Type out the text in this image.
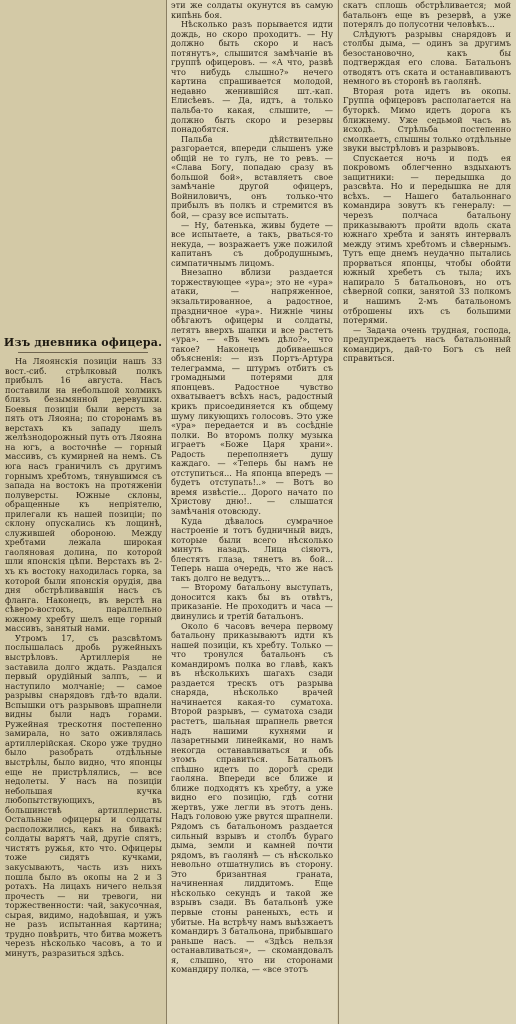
Изъ дневника офицера.

На Ляоянскія позиціи нашъ 33 вост.-сиб. стрѣлковый полкъ прибылъ 16 августа. Насъ поставили на небольшой холмикъ близъ безымянной деревушки. Боевыя позиціи были верстъ за пять отъ Ляояна; по сторонамъ въ верстахъ къ западу шелъ желѣзнодорожный путь отъ Ляояна на югъ, а восточнѣе — горный массивъ, съ кумирней на немъ. Съ юга насъ граничилъ съ другимъ горнымъ хребтомъ, тянувшимся съ запада на востокъ на протяженіи полуверсты. Южные склоны, обращенные къ непріятелю, прилегали къ нашей позиціи; по склону опускались къ лощинѣ, служившей обороною. Между хребтами лежала широкая гаоляновая долина, по которой шли японскія цѣпи. Верстахъ въ 2-хъ къ востоку находилась горка, за которой были японскія орудія, два дня обстрѣливавшія насъ съ фланга. Наконецъ, въ верстѣ на сѣверо-востокъ, параллельно южному хребту шелъ еще горный массивъ, занятый нами.

Утромъ 17, съ разсвѣтомъ послышалась дробь ружейныхъ выстрѣловъ. Артиллерія не заставила долго ждать. Раздался первый орудійный залпъ, — и наступило молчаніе; — самое разрывы снарядовъ гдѣ-то вдали. Вспышки отъ разрывовъ шрапнели видны были надъ горами. Ружейная трескотня постепенно замирала, но зато оживлялась артиллерійская. Скоро уже трудно было разобрать отдѣльные выстрѣлы, было видно, что японцы еще не пристрѣлялись, — все недолеты. У насъ на позиціи небольшая кучка любопытствующихъ, въ большинствѣ артиллеристы. Остальные офицеры и солдаты расположились, какъ на бивакѣ: солдаты варятъ чай, другіе спятъ, чистятъ ружья, кто что. Офицеры тоже сидятъ кучками, закусываютъ, часть изъ нихъ пошла было въ окопы на 2 и 3 ротахъ. На лицахъ ничего нельзя прочесть — ни тревоги, ни торжественности: чай, закусочная, сырая, видимо, надоѣвшая, и ужъ не разъ испытанная картина; трудно повѣрить, что битва можетъ черезъ нѣсколько часовъ, а то и минутъ, разразиться здѣсь.

эти же солдаты окунутся въ самую кипѣнь боя.

Нѣсколько разъ порывается идти дождь, но скоро проходитъ. — Ну должно быть скоро и насъ потянутъ», слышится замѣчаніе въ группѣ офицеровъ. — «А что, развѣ что нибудь слышно?» нечего картина спрашивается молодой, недавно женившійся шт.-кап. Елисѣевъ. — Да, идтъ, а только пальба-то какая, слышите, — должно быть скоро и резервы понадобятся.

Пальба дѣйствительно разгорается, впереди слышенъ уже общій не то гулъ, не то ревъ. — «Слава Богу, попадаю сразу въ большой бой», вставляетъ свое замѣчаніе другой офицеръ, Войниловичъ, онъ только-что прибылъ въ полкъ и стремится въ бой, — сразу все испытать.

— Ну, батенька, живы будете — все испытаете, а такъ, рваться-то некуда, — возражаетъ уже пожилой капитанъ съ добродушнымъ, симпатичнымъ лицомъ.

Внезапно вблизи раздается торжествующее «ура»; это не «ура» атаки, — напряженное, экзальтированное, а радостное, праздничное «ура». Нижніе чины обѣгаютъ офицеры и солдаты, летятъ вверхъ шапки и все растетъ «ура». — «Въ чемъ дѣло?», что такое? Наконецъ добиваешься объясненія: — изъ Портъ-Артура телеграмма, — штурмъ отбитъ съ громадными потерями для японцевъ. Радостное чувство охватываетъ всѣхъ насъ, радостный крикъ присоединяется къ общему шуму ликующихъ голосовъ. Это уже «ура» передается и въ сосѣдніе полки. Во второмъ полку музыка играетъ «Боже Царя храни». Радость переполняетъ душу каждаго. — «Теперь бы намъ не отступиться... На японца впередъ — будетъ отступать!..» — Вотъ во время извѣстіе... Дорого начато по Христову дню!.. — слышатся замѣчанія отовсюду.

Куда дѣвалось сумрачное настроеніе и тотъ будничный видъ, которые были всего нѣсколько минутъ назадъ. Лица сіяютъ, блестятъ глаза, тянетъ въ бой... Теперь наша очередь, что же насъ такъ долго не ведутъ...

— Второму батальону выступать, доносится какъ бы въ отвѣтъ, приказаніе. Не проходитъ и часа — двинулись и третій батальонъ.

Около 6 часовъ вечера первому батальону приказываютъ идти къ нашей позиціи, къ хребту. Только — что тронулся батальонъ съ командиромъ полка во главѣ, какъ въ нѣсколькихъ шагахъ сзади раздается трескъ отъ разрыва снаряда, нѣсколько врачей начинается какая-то суматоха. Второй разрывъ, — суматоха сзади растетъ, шальная шрапнель рвется надъ нашими кухнями и лазаретными линейками, но намъ некогда останавливаться и обь этомъ справиться. Батальонъ спѣшно идетъ по дорогѣ среди гаоляна. Впереди все ближе и ближе подходятъ къ хребту, а уже видно его позицію, гдѣ сотни жертвъ, уже легли въ этотъ день. Надъ головою уже рвутся шрапнели. Рядомъ съ батальономъ раздается сильный взрывъ и столбъ бураго дыма, земли и камней почти рядомъ, въ гаолянѣ — съ нѣсколько невольно отшатнулись въ сторону. Это бризантная граната, начиненная лиддитомъ. Еще нѣсколько секундъ и такой же взрывъ сзади. Въ батальонѣ уже первые стоны раненыхъ, есть и убитые. На встрѣчу намъ выѣзжаетъ командиръ 3 батальона, прибывшаго раньше насъ. — «Здѣсь нельзя останавливаться», — скомандовалъ я, слышно, что ни сторонами командиру полка, — «все этотъ

скатъ сплошь обстрѣливается; мой батальонъ еще въ резервѣ, а уже потерялъ до полусотни человѣкъ...

Слѣдуютъ разрывы снарядовъ и столбы дыма, — одинъ за другимъ безостановочно, какъ бы подтверждая его слова. Батальонъ отводятъ отъ ската и останавливаютъ немного въ сторонѣ въ гаолянѣ.

Вторая рота идетъ въ окопы. Группа офицеровъ располагается на буторкѣ. Мимо идетъ дорога къ ближнему. Уже седьмой часъ въ исходѣ. Стрѣльба постепенно смолкаетъ, слышны только отдѣльные звуки выстрѣловъ и разрывовъ.

Спускается ночь и подъ ея покровомъ облегченно вздыхаютъ защитники: — передышка до разсвѣта. Но и передышка не для всѣхъ. — Нашего батальоннаго командира зовутъ къ генералу: — черезъ полчаса батальону приказываютъ пройти вдоль ската южнаго хребта и занять интервалъ между этимъ хребтомъ и сѣвернымъ. Тутъ еще днемъ неудачно пытались прорваться японцы, чтобы обойти южный хребетъ съ тыла; ихъ напирало 5 батальоновъ, но отъ сѣверной сопки, занятой 33 полкомъ и нашимъ 2-мъ батальономъ отброшены ихъ съ большими потерями.

— Задача очень трудная, господа, предупреждаетъ насъ батальонный командиръ, дай-то Богъ съ ней справиться.
